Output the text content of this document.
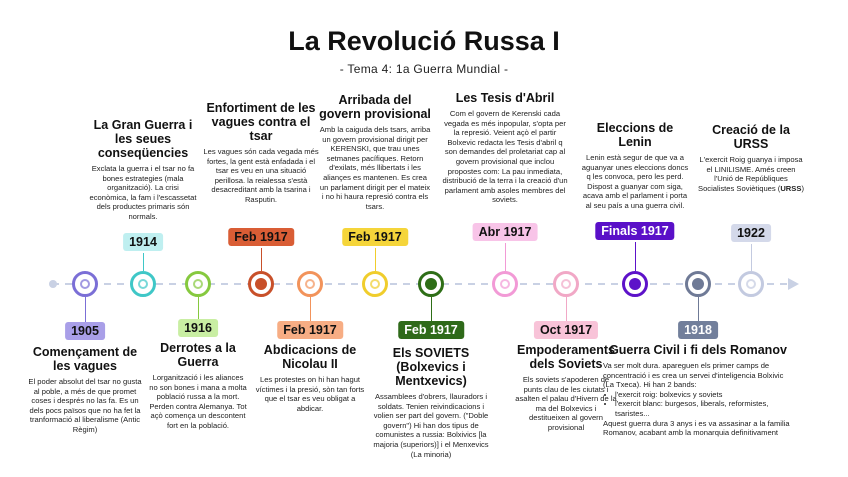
La Revolució Russa I
- Tema 4: 1a Guerra Mundial -
1905
Començament de les vagues
El poder absolut del tsar no gusta al poble, a més de que promet coses i després no las fa. Es un dels pocs països que no ha fet la tranformació al liberalisme (Antic Règim)
1914
La Gran Guerra i les seues conseqüencies
Exclata la guerra i el tsar no fa bones estrategies (mala organització). La crisi econòmica, la fam i l'escassetat dels productes primaris són normals.
1916
Derrotes a la Guerra
Lorganització i les aliances no son bones i mana a molta població russa a la mort. Perden contra Alemanya. Tot açò comença un descontent fort en la població.
Feb 1917
Enfortiment de les vagues contra el tsar
Les vagues són cada vegada més fortes, la gent està enfadada i el tsar es veu en una situació perillosa. la reialessa s'està desacreditant amb la tsarina i Rasputin.
Feb 1917
Abdicacions de Nicolau II
Les protestes on hi han hagut víctimes i la presió, sòn tan forts que el tsar es veu obligat a abdicar.
Feb 1917
Arribada del govern provisional
Amb la caiguda dels tsars, arriba un govern provisional dirigit per KERENSKI, que trau unes setmanes pacífiques. Retorn d'exilats, més llibertats i les aliançes es mantenen. Es crea un parlament dirigit per el mateix i no hi haura represió contra els tsars.
Feb 1917
Els SOVIETS (Bolxevics i Mentxevics)
Assamblees d'obrers, llauradors i soldats. Tenien reivindicacions i volien ser part del govern. ("Doble govern") Hi han dos tipus de comunistes a russia: Bolxivics [la majoria (superiors)] i el Menxevics (La minoria)
Abr 1917
Les Tesis d'Abril
Com el govern de Kerenski cada vegada es més inpopular, s'opta per la represió. Veient açò el partir Bolxevic redacta les Tesis d'abril q son demandes del proletariat cap al govern provisional que inclou propostes com: La pau inmediata, distribució de la terra i la creació d'un parlament amb asoles membres del soviets.
Oct 1917
Empoderaments dels Soviets
Els soviets s'apoderen de punts clau de les ciutats i asalten el palau d'Hivern de la ma del Bolxevics i destitueixen al govern provisional
Finals 1917
Eleccions de Lenin
Lenin està segur de que va a aguanyar unes eleccions doncs q les convoca, pero les perd. Dispost a guanyar com siga, acava amb el parlament i porta al seu país a una guerra civil.
1918
Guerra Civil i fi dels Romanov
Va ser molt dura. apareguen els primer camps de concentració i es crea un servei d'inteligencia Bolxivic (La Txeca). Hi han 2 bands:
• l'exercit roig: bolxevics y soviets
• l'exercit blanc: burgesos, liberals, reformistes, tsaristes...
Aquest guerra dura 3 anys i es va assasinar a la familia Romanov, acabant amb la monarquia definitivament
1922
Creació de la URSS
L'exercit Roig guanya i imposa el LINILISME. Amés creen l'Unió de Repúbliques Socialistes Soviètiques (URSS)
